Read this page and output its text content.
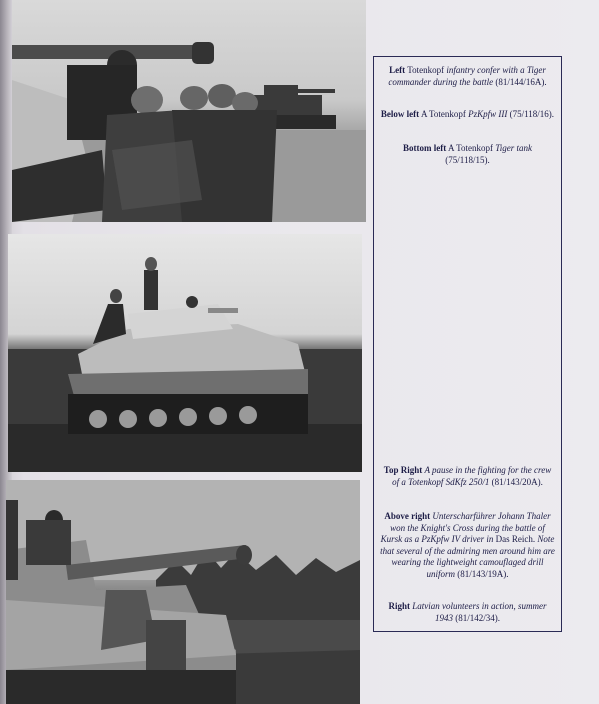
Left Totenkopf infantry confer with a Tiger commander during the battle (81/144/16A).
Below left A Totenkopf PzKpfw III (75/118/16).
Bottom left A Totenkopf Tiger tank (75/118/15).
Top Right A pause in the fighting for the crew of a Totenkopf SdKfz 250/1 (81/143/20A).
Above right Unterscharführer Johann Thaler won the Knight's Cross during the battle of Kursk as a PzKpfw IV driver in Das Reich. Note that several of the admiring men around him are wearing the lightweight camouflaged drill uniform (81/143/19A).
Right Latvian volunteers in action, summer 1943 (81/142/34).
